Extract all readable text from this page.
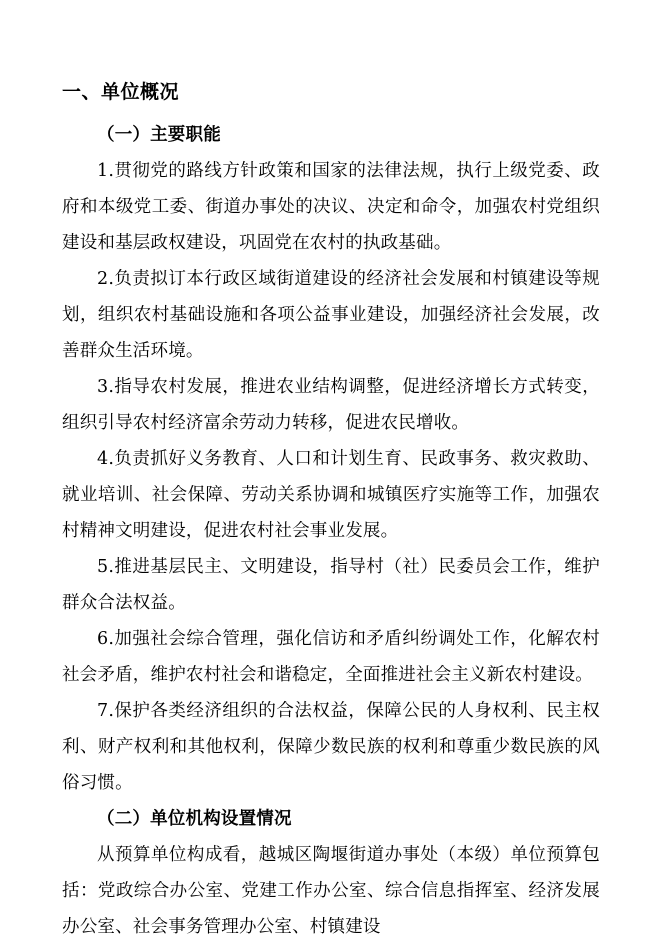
一、单位概况

（一）主要职能

1.贯彻党的路线方针政策和国家的法律法规，执行上级党委、政府和本级党工委、街道办事处的决议、决定和命令，加强农村党组织建设和基层政权建设，巩固党在农村的执政基础。

2.负责拟订本行政区域街道建设的经济社会发展和村镇建设等规划，组织农村基础设施和各项公益事业建设，加强经济社会发展，改善群众生活环境。

3.指导农村发展，推进农业结构调整，促进经济增长方式转变，组织引导农村经济富余劳动力转移，促进农民增收。

4.负责抓好义务教育、人口和计划生育、民政事务、救灾救助、就业培训、社会保障、劳动关系协调和城镇医疗实施等工作，加强农村精神文明建设，促进农村社会事业发展。

5.推进基层民主、文明建设，指导村（社）民委员会工作，维护群众合法权益。

6.加强社会综合管理，强化信访和矛盾纠纷调处工作，化解农村社会矛盾，维护农村社会和谐稳定，全面推进社会主义新农村建设。

7.保护各类经济组织的合法权益，保障公民的人身权利、民主权利、财产权利和其他权利，保障少数民族的权利和尊重少数民族的风俗习惯。

（二）单位机构设置情况

从预算单位构成看，越城区陶堰街道办事处（本级）单位预算包括：党政综合办公室、党建工作办公室、综合信息指挥室、经济发展办公室、社会事务管理办公室、村镇建设
